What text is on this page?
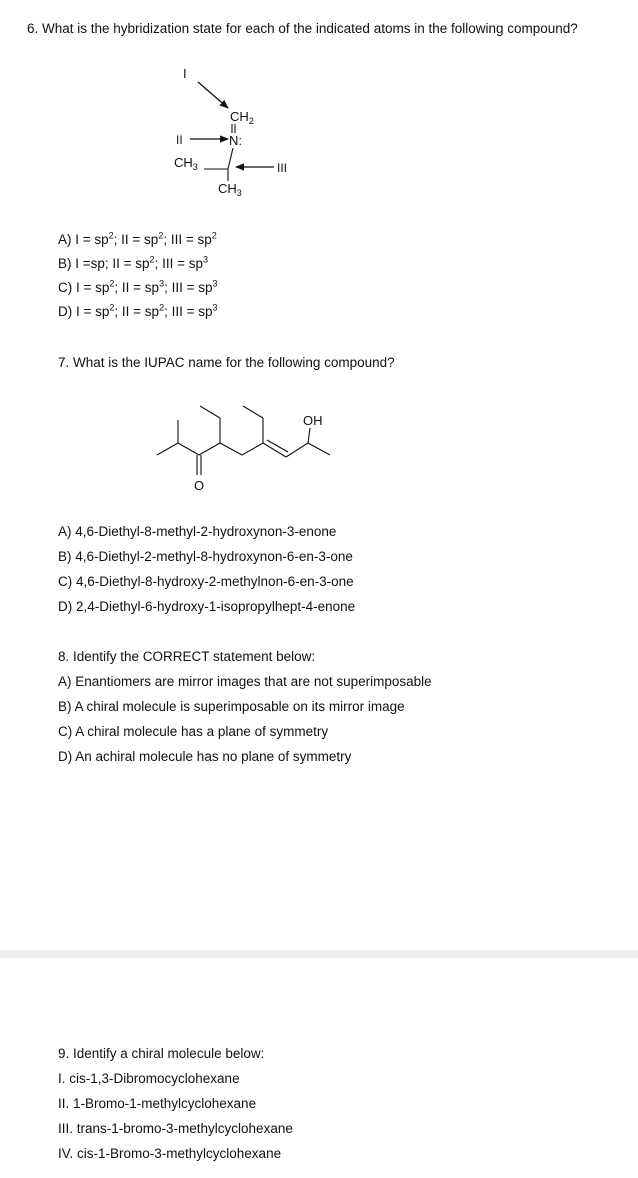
6. What is the hybridization state for each of the indicated atoms in the following compound?
I
$CH_2$
II	N:
$CH_3$	III
$CH_3$
A) $I = sp^2$; II = $sp^2$; III = $sp^2$
B) I =sp; II = $sp^2$; III = $sp^3$
C) $I = sp^2$; II = $sp^3$; III = $sp^3$
D) $I = sp^2$; II = $sp^2$; III = $sp^3$
7. What is the IUPAC name for the following compound?
OH
O
A) 4,6-Diethyl-8-methyl-2-hydroxynon-3-enone
B) 4,6-Diethyl-2-methyl-8-hydroxynon-6-en-3-one
C) 4,6-Diethyl-8-hydroxy-2-methylnon-6-en-3-one
D) 2,4-Diethyl-6-hydroxy-1-isopropylhept-4-enone
8. Identify the CORRECT statement below:
A) Enantiomers are mirror images that are not superimposable
B) A chiral molecule is superimposable on its mirror image
C) A chiral molecule has a plane of symmetry
D) An achiral molecule has no plane of symmetry
9. Identify a chiral molecule below:
I. cis-1,3-Dibromocyclohexane
II. 1-Bromo-1-methylcyclohexane
III. trans-1-bromo-3-methylcyclohexane
IV. cis-1-Bromo-3-methylcyclohexane
